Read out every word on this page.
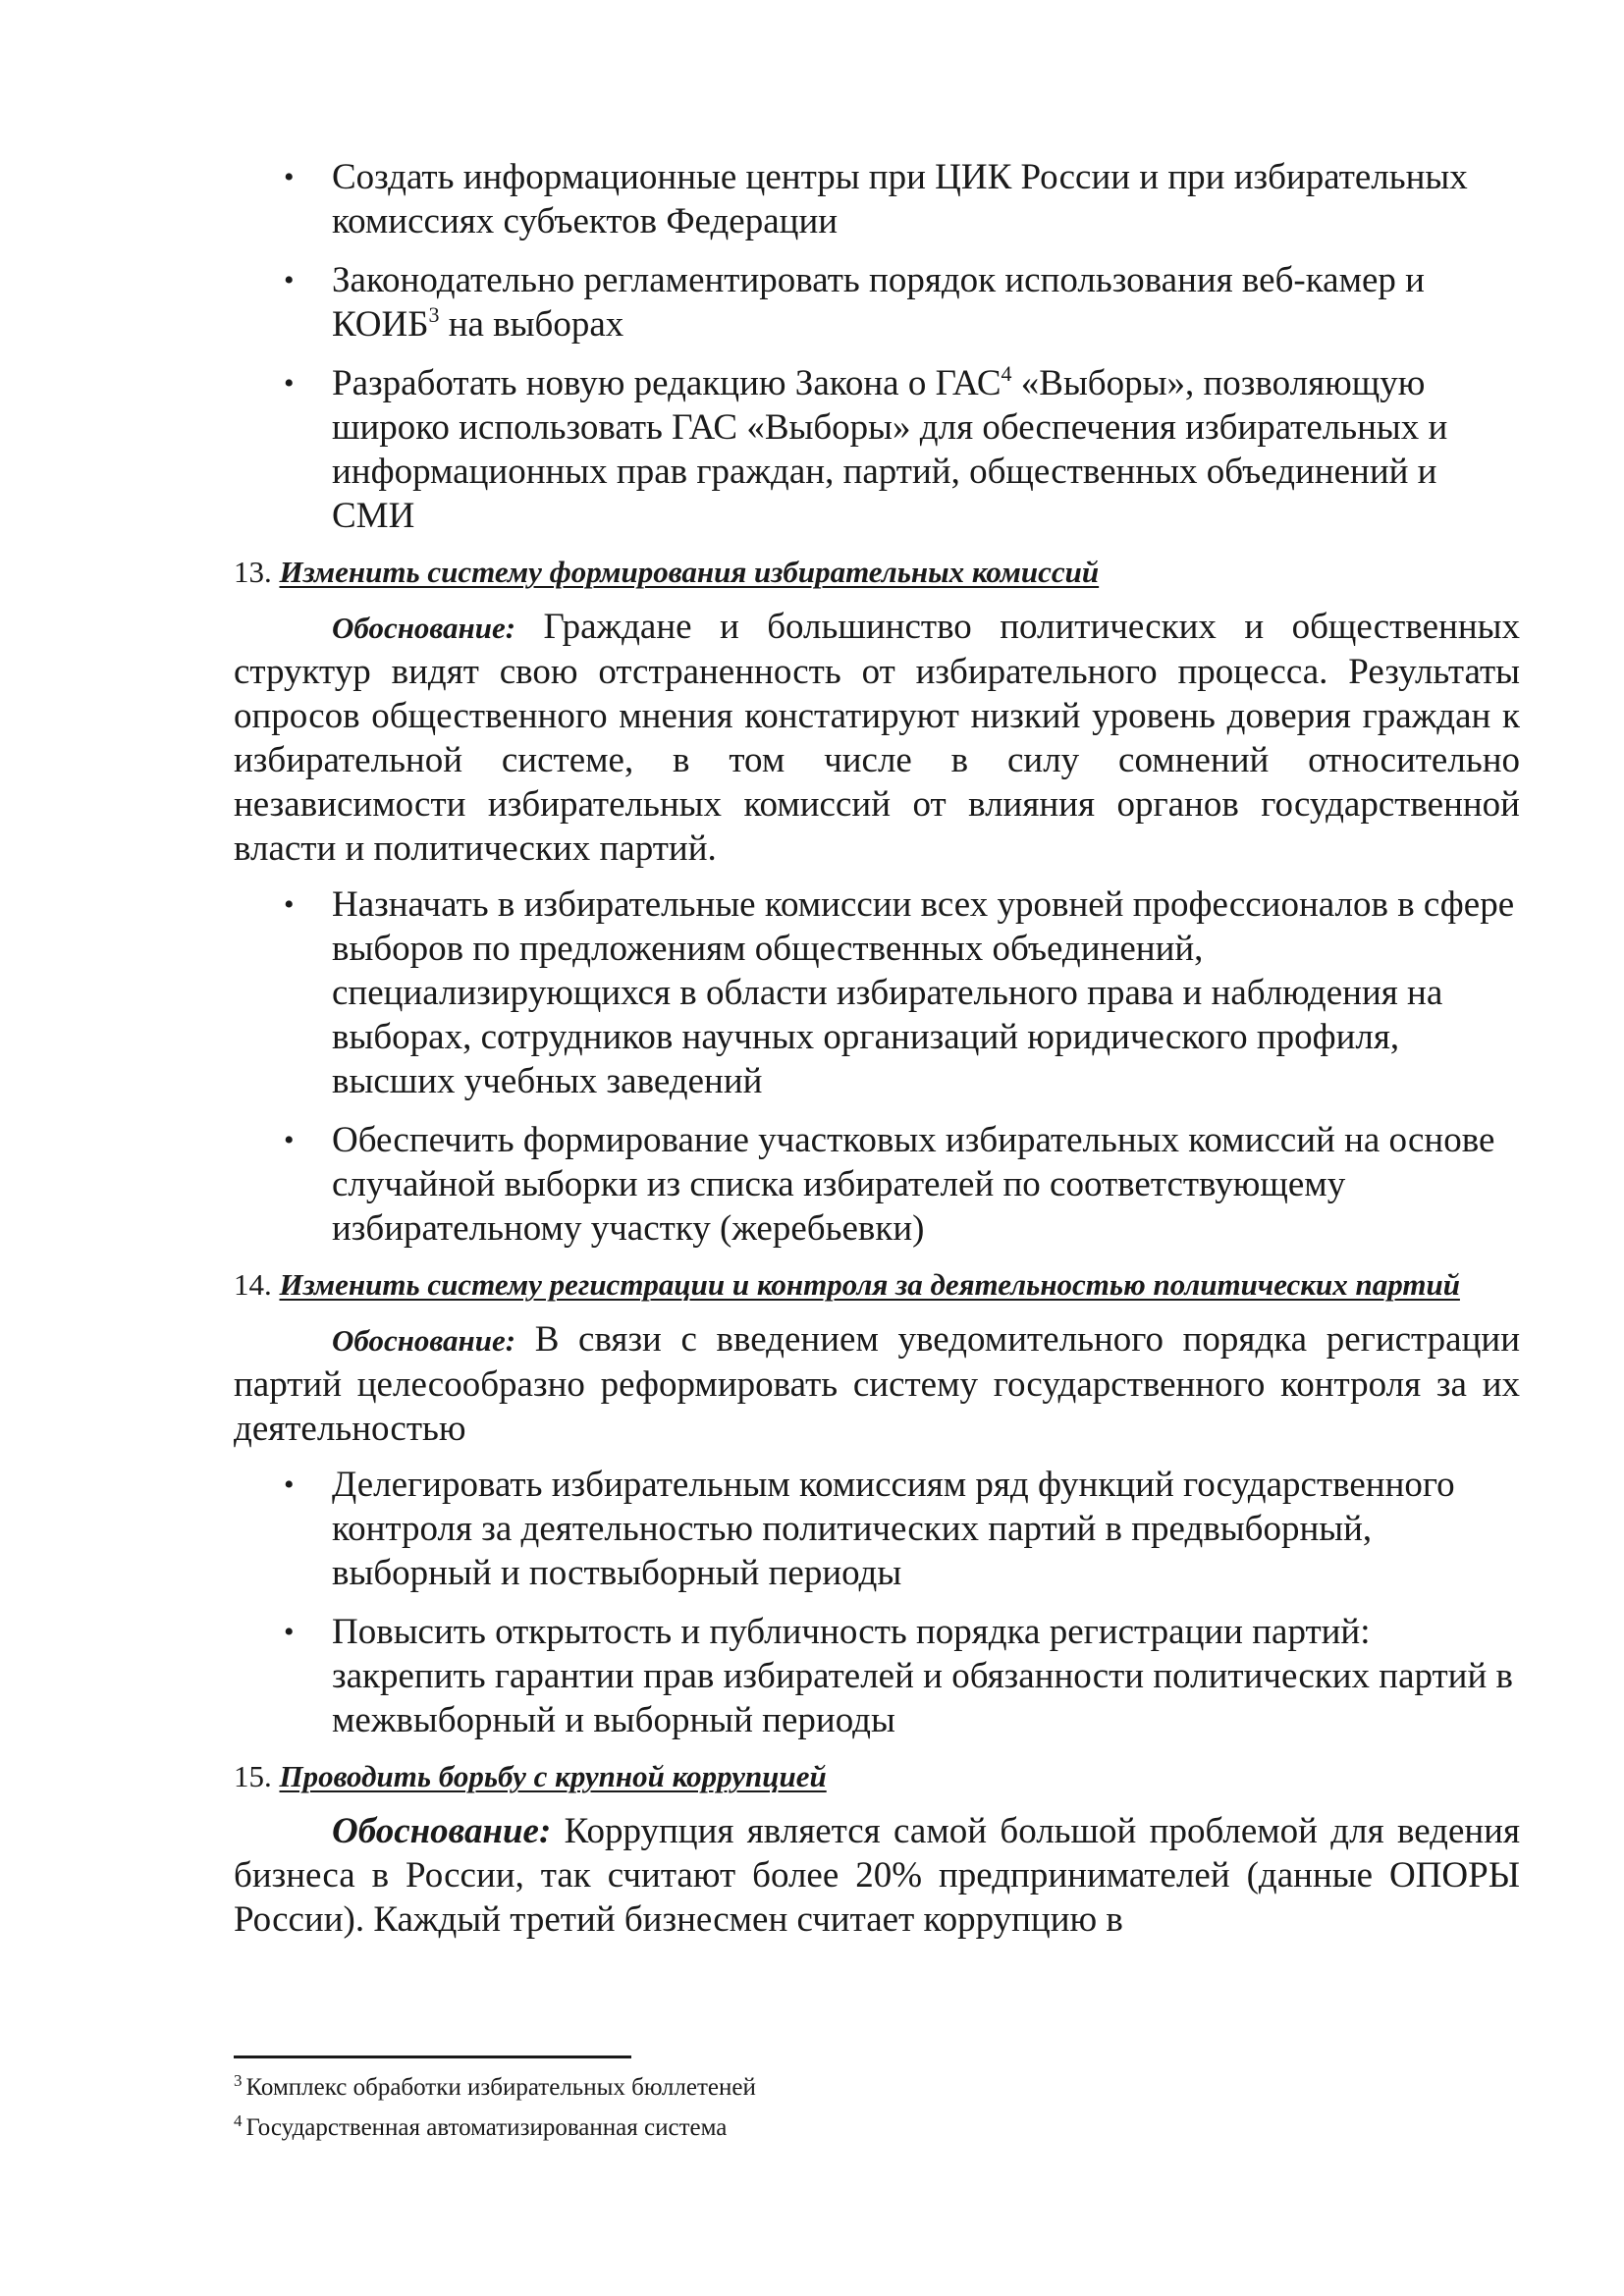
• Создать информационные центры при ЦИК России и при избирательных комиссиях субъектов Федерации
• Законодательно регламентировать порядок использования веб-камер и КОИБ$^3$ на выборах
• Разработать новую редакцию Закона о ГАС$^4$ «Выборы», позволяющую широко использовать ГАС «Выборы» для обеспечения избирательных и информационных прав граждан, партий, общественных объединений и СМИ
13. Изменить систему формирования избирательных комиссий

Обоснование: Граждане и большинство политических и общественных структур видят свою отстраненность от избирательного процесса. Результаты опросов общественного мнения констатируют низкий уровень доверия граждан к избирательной системе, в том числе в силу сомнений относительно независимости избирательных комиссий от влияния органов государственной власти и политических партий.

• Назначать в избирательные комиссии всех уровней профессионалов в сфере выборов по предложениям общественных объединений, специализирующихся в области избирательного права и наблюдения на выборах, сотрудников научных организаций юридического профиля, высших учебных заведений
• Обеспечить формирование участковых избирательных комиссий на основе случайной выборки из списка избирателей по соответствующему избирательному участку (жеребьевки)
14. Изменить систему регистрации и контроля за деятельностью политических партий

Обоснование: В связи с введением уведомительного порядка регистрации партий целесообразно реформировать систему государственного контроля за их деятельностью

• Делегировать избирательным комиссиям ряд функций государственного контроля за деятельностью политических партий в предвыборный, выборный и поствыборный периоды
• Повысить открытость и публичность порядка регистрации партий: закрепить гарантии прав избирателей и обязанности политических партий в межвыборный и выборный периоды
15. Проводить борьбу с крупной коррупцией

Обоснование: Коррупция является самой большой проблемой для ведения бизнеса в России, так считают более 20% предпринимателей (данные ОПОРЫ России). Каждый третий бизнесмен считает коррупцию в

$^3$ Комплекс обработки избирательных бюллетеней

$^4$ Государственная автоматизированная система
